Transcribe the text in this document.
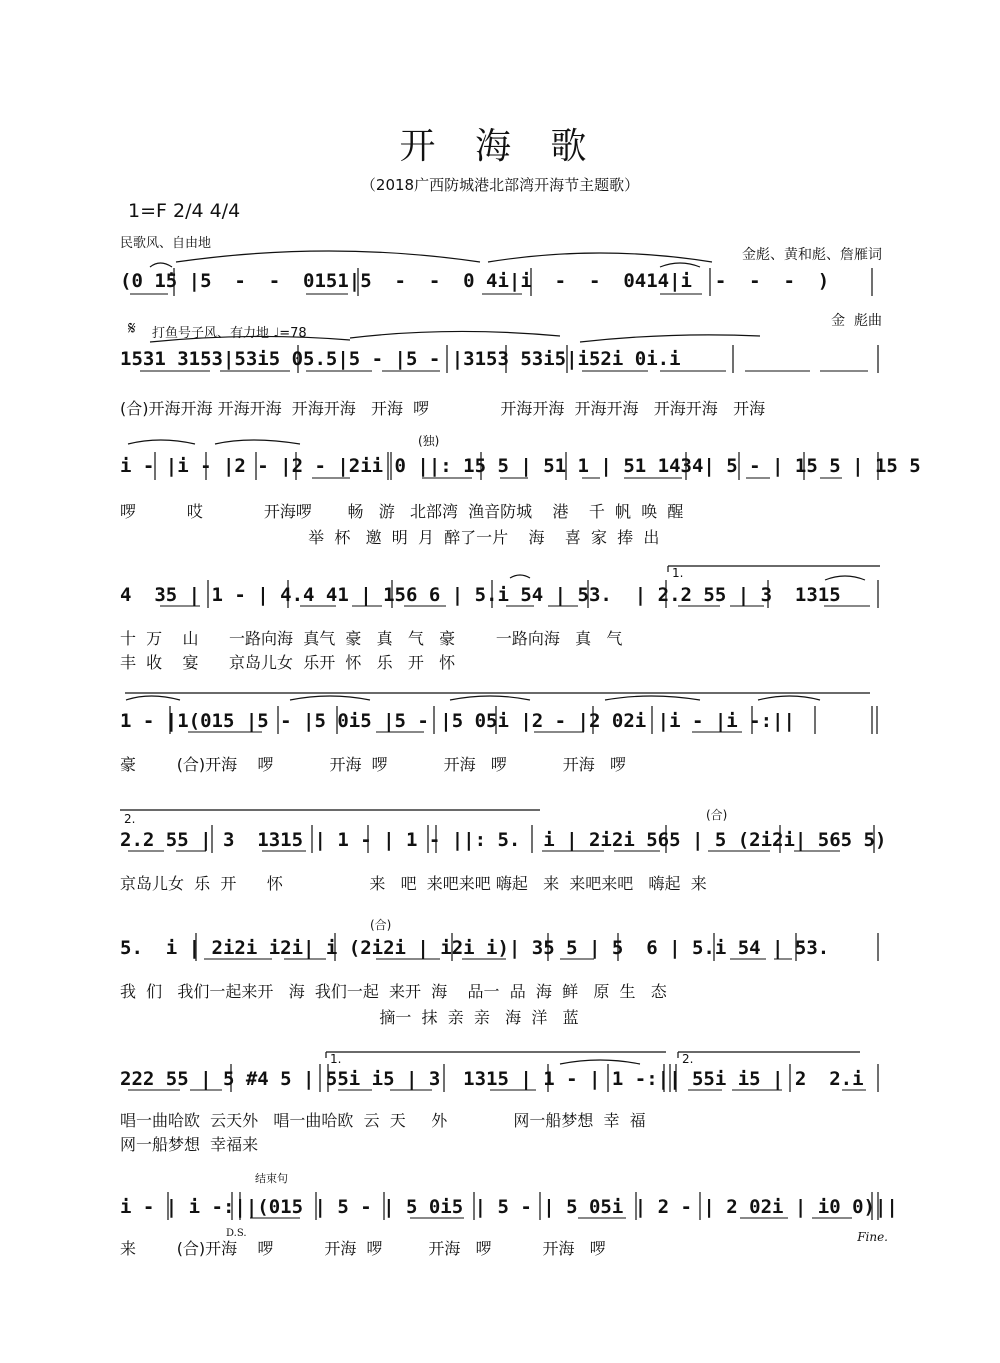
开 海 歌
（2018广西防城港北部湾开海节主题歌）
1=F 2/4 4/4

金彪、黄和彪、詹雁词

金  彪曲

民歌风、自由地
𝄋 打鱼号子风、有力地 ♩=78
(0 1̇5 |5  -  -  0151|5  -  -  0 4i|i  -  -  0414|i  -  -  -  )
1531 3153|53i5 05.5|5 - |5 - |3153 53i5|i52i 0i.i
(合)开海开海 开海开海  开海开海   开海  啰              开海开海  开海开海   开海开海   开海
(独)
i - |i - |2 - |2 - |2ii 0 ||: 15 5 | 51 1 | 51 1434| 5 - | 15 5 | 15 5
啰          哎            开海啰       畅   游   北部湾  渔音防城    港    千  帆  唤  醒
举  杯   邀  明  月  醉了一片    海    喜  家  捧  出
1.
4  35 | 1 - | 4.4 41 | 156 6 | 5.i 54 | 53.  | 2.2 55 | 3  1315
十  万    山      一路向海  真气  豪   真   气   豪        一路向海   真   气
丰  收    宴      京岛儿女  乐开  怀   乐   开   怀
1 - |1(015 |5 - |5 0i5 |5 - |5 05i |2 - |2 02i |i - |i -:||
豪        (合)开海    啰           开海  啰           开海   啰           开海   啰
2.	(合)
2.2 55 | 3  1315 | 1 - | 1 - ||: 5.  i | 2i2i 565 | 5 (2i2i| 565 5)
京岛儿女  乐  开      怀                 来   吧  来吧来吧 嗨起   来  来吧来吧   嗨起  来
(合)
5.  i | 2i2i i2i| i (2i2i | i2i i)| 35 5 | 5  6 | 5.i 54 | 53.
我  们   我们一起来开   海  我们一起  来开  海    品一  品  海  鲜   原  生   态
摘一  抹  亲  亲   海  洋   蓝
1.	2.
222 55 | 5 #4 5 | 55i i5 | 3  1315 | 1 - | 1 -:|| 55i i5 | 2  2.i
唱一曲哈欧  云天外   唱一曲哈欧  云  天     外             网一船梦想  幸  福
网一船梦想  幸福来
结束句
i - | i -:||(015 | 5 - | 5 0i5 | 5 - | 5 05i | 2 - | 2 02i | i0 0)||
来        (合)开海    啰          开海  啰         开海   啰          开海   啰
D.S.	Fine.
